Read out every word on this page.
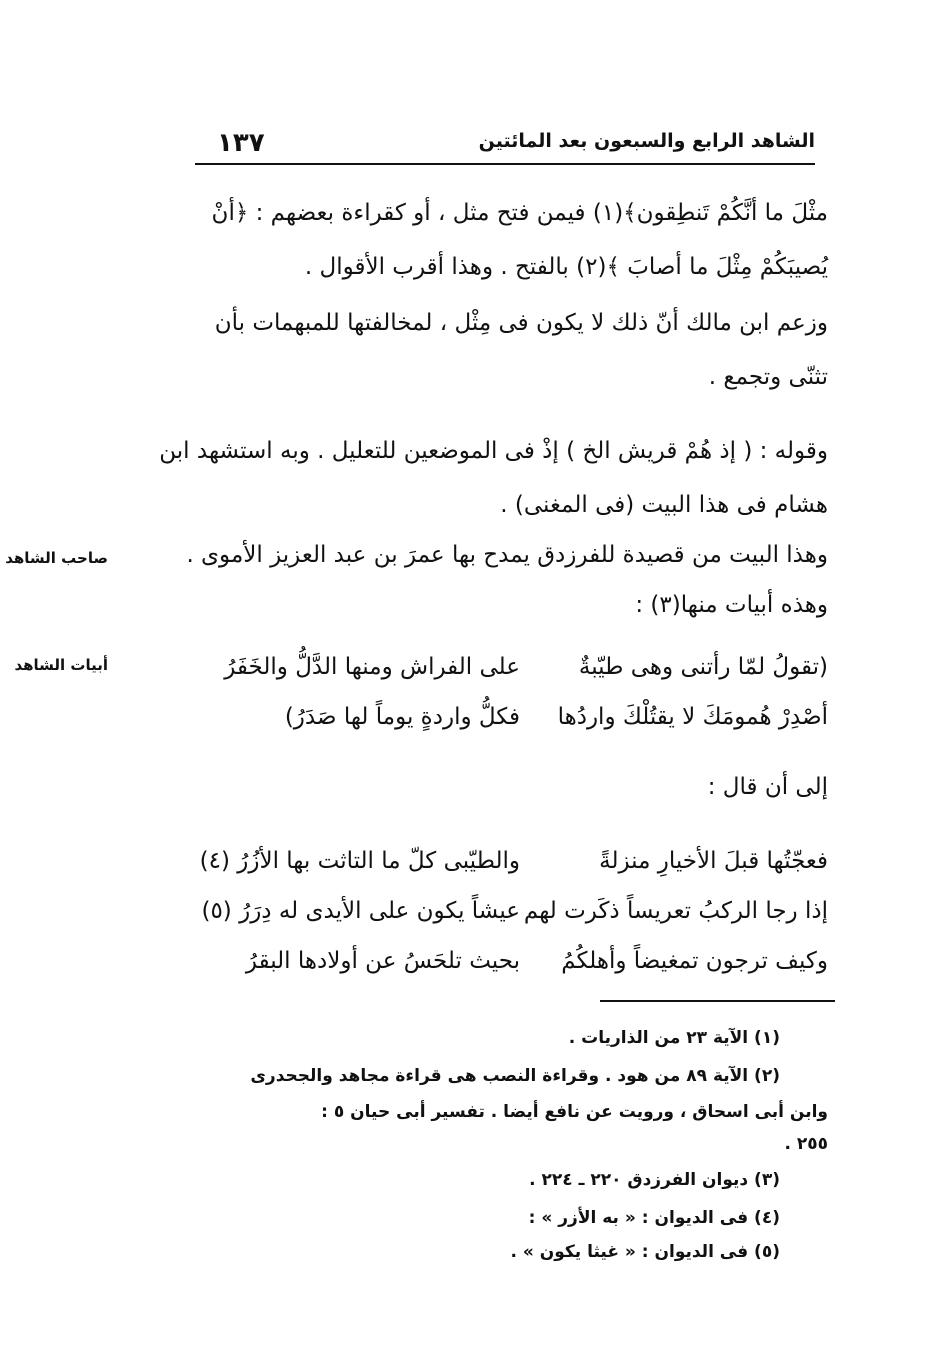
الشاهد الرابع والسبعون بعد المائتين
١٣٧
مثْلَ ما أنَّكُمْ تَنطِقون﴾(١) فيمن فتح مثل ، أو كقراءة بعضهم : ﴿أنْ
يُصيبَكُمْ مِثْلَ ما أصابَ ﴾(٢) بالفتح . وهذا أقرب الأقوال .
وزعم ابن مالك أنّ ذلك لا يكون فى مِثْل ، لمخالفتها للمبهمات بأن
تثنّى وتجمع .
وقوله : ( إذ هُمْ قريش الخ ) إذْ فى الموضعين للتعليل . وبه استشهد ابن
هشام فى هذا البيت (فى المغنى) .
وهذا البيت من قصيدة للفرزدق يمدح بها عمرَ بن عبد العزيز الأموى .
صاحب الشاهد
وهذه أبيات منها(٣) :
أبيات الشاهد	(تقولُ لمّا رأتنى وهى طيّبةٌ
على الفراش ومنها الدَّلُّ والخَفَرُ
أصْدِرْ هُمومَكَ لا يقتُلْكَ واردُها
فكلُّ واردةٍ يوماً لها صَدَرُ)
إلى أن قال :
فعجّتُها قبلَ الأخيارِ منزلةً
والطيّبى كلّ ما التاثت بها الأزُرُ (٤)
إذا رجا الركبُ تعريساً ذكَرت لهم
عيشاً يكون على الأيدى له دِرَرُ (٥)
وكيف ترجون تمغيضاً وأهلكُمُ
بحيث تلحَسُ عن أولادها البقرُ
(١) الآية ٢٣ من الذاريات .
(٢) الآية ٨٩ من هود . وقراءة النصب هى قراءة مجاهد والجحدرى
وابن أبى اسحاق ، ورويت عن نافع أيضا . تفسير أبى حيان ٥ :
٢٥٥ .
(٣) ديوان الفرزدق ٢٢٠ ـ ٢٢٤ .
(٤) فى الديوان : « به الأزر » :
(٥) فى الديوان : « غيثا يكون » .
